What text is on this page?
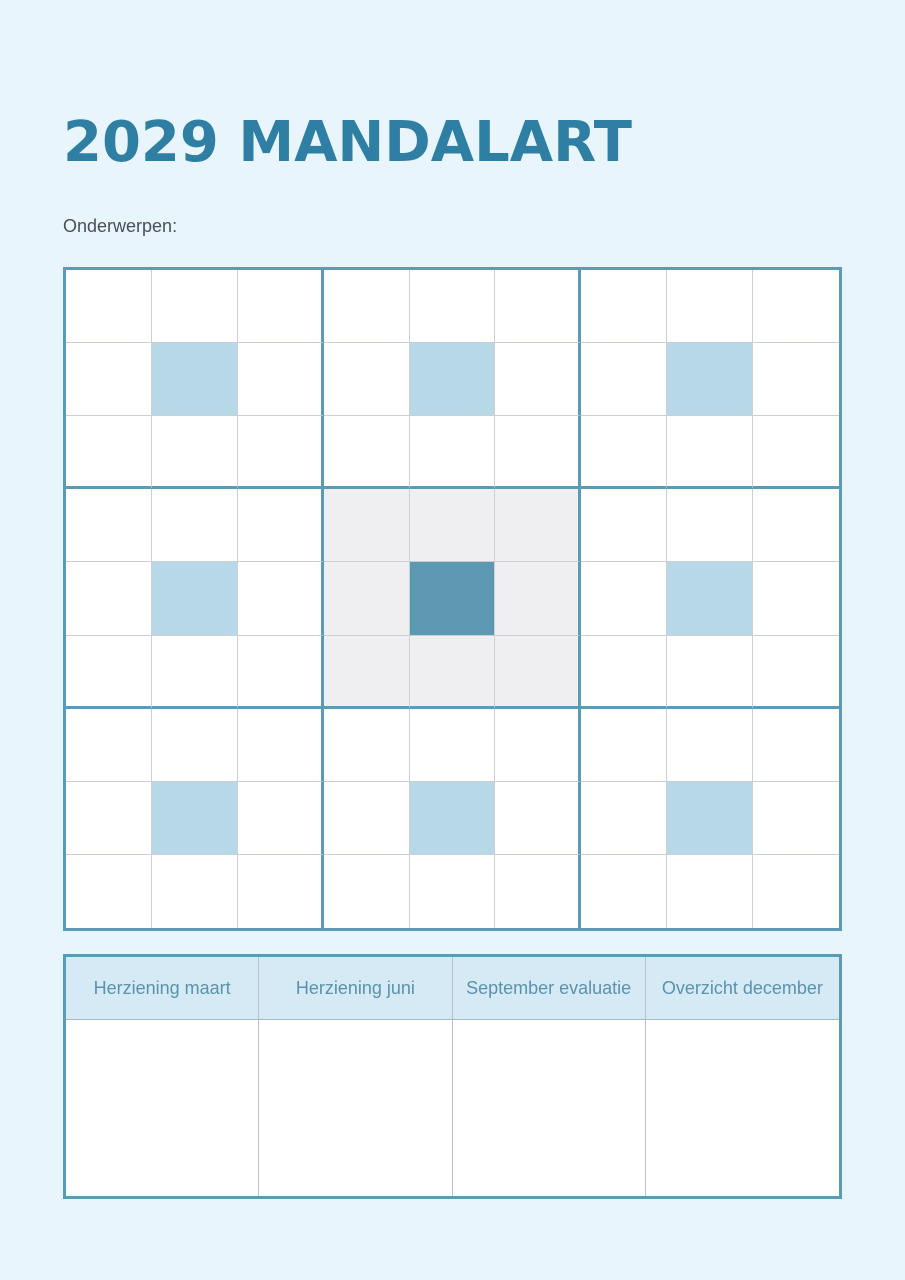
2029 MANDALART
Onderwerpen:
Herziening maart	Herziening juni	September evaluatie	Overzicht december
